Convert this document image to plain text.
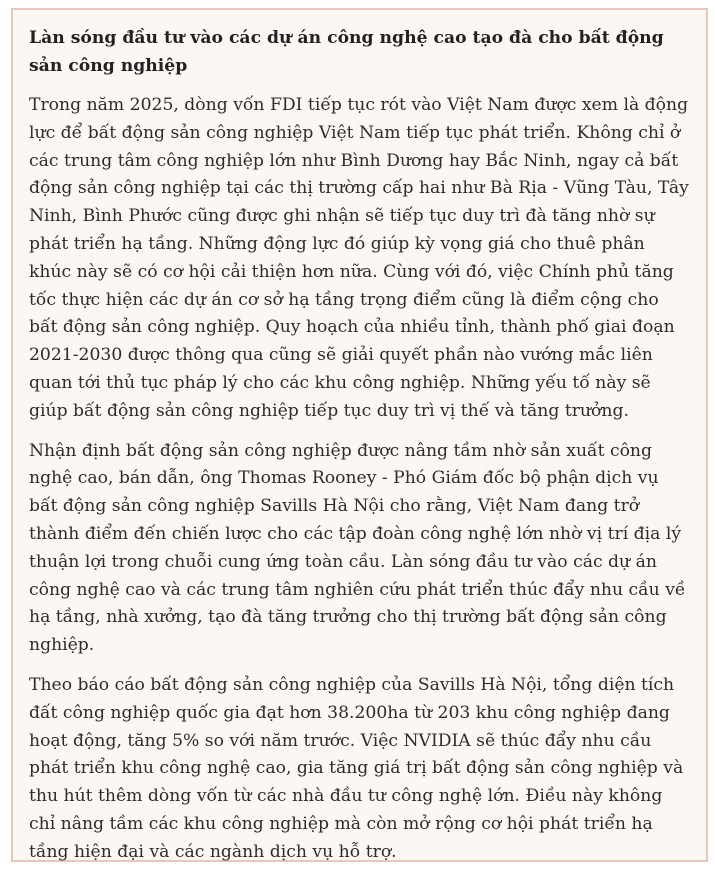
Làn sóng đầu tư vào các dự án công nghệ cao tạo đà cho bất động sản công nghiệp

Trong năm 2025, dòng vốn FDI tiếp tục rót vào Việt Nam được xem là động lực để bất động sản công nghiệp Việt Nam tiếp tục phát triển. Không chỉ ở các trung tâm công nghiệp lớn như Bình Dương hay Bắc Ninh, ngay cả bất động sản công nghiệp tại các thị trường cấp hai như Bà Rịa - Vũng Tàu, Tây Ninh, Bình Phước cũng được ghi nhận sẽ tiếp tục duy trì đà tăng nhờ sự phát triển hạ tầng. Những động lực đó giúp kỳ vọng giá cho thuê phân khúc này sẽ có cơ hội cải thiện hơn nữa. Cùng với đó, việc Chính phủ tăng tốc thực hiện các dự án cơ sở hạ tầng trọng điểm cũng là điểm cộng cho bất động sản công nghiệp. Quy hoạch của nhiều tỉnh, thành phố giai đoạn 2021-2030 được thông qua cũng sẽ giải quyết phần nào vướng mắc liên quan tới thủ tục pháp lý cho các khu công nghiệp. Những yếu tố này sẽ giúp bất động sản công nghiệp tiếp tục duy trì vị thế và tăng trưởng.

Nhận định bất động sản công nghiệp được nâng tầm nhờ sản xuất công nghệ cao, bán dẫn, ông Thomas Rooney - Phó Giám đốc bộ phận dịch vụ bất động sản công nghiệp Savills Hà Nội cho rằng, Việt Nam đang trở thành điểm đến chiến lược cho các tập đoàn công nghệ lớn nhờ vị trí địa lý thuận lợi trong chuỗi cung ứng toàn cầu. Làn sóng đầu tư vào các dự án công nghệ cao và các trung tâm nghiên cứu phát triển thúc đẩy nhu cầu về hạ tầng, nhà xưởng, tạo đà tăng trưởng cho thị trường bất động sản công nghiệp.

Theo báo cáo bất động sản công nghiệp của Savills Hà Nội, tổng diện tích đất công nghiệp quốc gia đạt hơn 38.200ha từ 203 khu công nghiệp đang hoạt động, tăng 5% so với năm trước. Việc NVIDIA sẽ thúc đẩy nhu cầu phát triển khu công nghệ cao, gia tăng giá trị bất động sản công nghiệp và thu hút thêm dòng vốn từ các nhà đầu tư công nghệ lớn. Điều này không chỉ nâng tầm các khu công nghiệp mà còn mở rộng cơ hội phát triển hạ tầng hiện đại và các ngành dịch vụ hỗ trợ.
